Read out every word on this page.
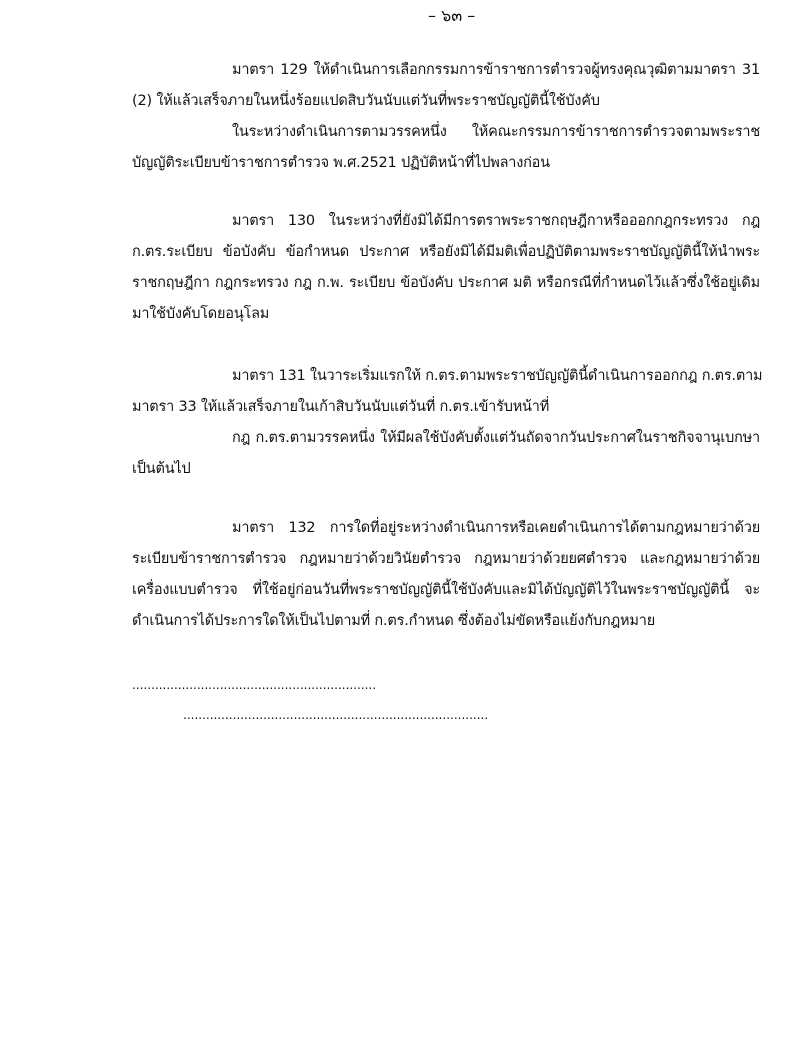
– ๖๓ –
มาตรา 129 ให้ดำเนินการเลือกกรรมการข้าราชการตำรวจผู้ทรงคุณวุฒิตามมาตรา 31
(2) ให้แล้วเสร็จภายในหนึ่งร้อยแปดสิบวันนับแต่วันที่พระราชบัญญัตินี้ใช้บังคับ
ในระหว่างดำเนินการตามวรรคหนึ่ง ให้คณะกรรมการข้าราชการตำรวจตามพระราช
บัญญัติระเบียบข้าราชการตำรวจ พ.ศ.2521 ปฏิบัติหน้าที่ไปพลางก่อน
มาตรา 130 ในระหว่างที่ยังมิได้มีการตราพระราชกฤษฎีกาหรือออกกฎกระทรวง กฎ
ก.ตร.ระเบียบ ข้อบังคับ ข้อกำหนด ประกาศ หรือยังมิได้มีมติเพื่อปฏิบัติตามพระราชบัญญัตินี้ให้นำพระ
ราชกฤษฎีกา กฎกระทรวง กฎ ก.พ. ระเบียบ ข้อบังคับ ประกาศ มติ หรือกรณีที่กำหนดไว้แล้วซึ่งใช้อยู่เดิม
มาใช้บังคับโดยอนุโลม
มาตรา 131 ในวาระเริ่มแรกให้ ก.ตร.ตามพระราชบัญญัตินี้ดำเนินการออกกฎ ก.ตร.ตาม
มาตรา 33 ให้แล้วเสร็จภายในเก้าสิบวันนับแต่วันที่ ก.ตร.เข้ารับหน้าที่
กฎ ก.ตร.ตามวรรคหนึ่ง ให้มีผลใช้บังคับตั้งแต่วันถัดจากวันประกาศในราชกิจจานุเบกษา
เป็นต้นไป
มาตรา 132 การใดที่อยู่ระหว่างดำเนินการหรือเคยดำเนินการได้ตามกฎหมายว่าด้วย
ระเบียบข้าราชการตำรวจ กฎหมายว่าด้วยวินัยตำรวจ กฎหมายว่าด้วยยศตำรวจ และกฎหมายว่าด้วย
เครื่องแบบตำรวจ ที่ใช้อยู่ก่อนวันที่พระราชบัญญัตินี้ใช้บังคับและมิได้บัญญัติไว้ในพระราชบัญญัตินี้ จะ
ดำเนินการได้ประการใดให้เป็นไปตามที่ ก.ตร.กำหนด ซึ่งต้องไม่ขัดหรือแย้งกับกฎหมาย
................................................................
................................................................................
